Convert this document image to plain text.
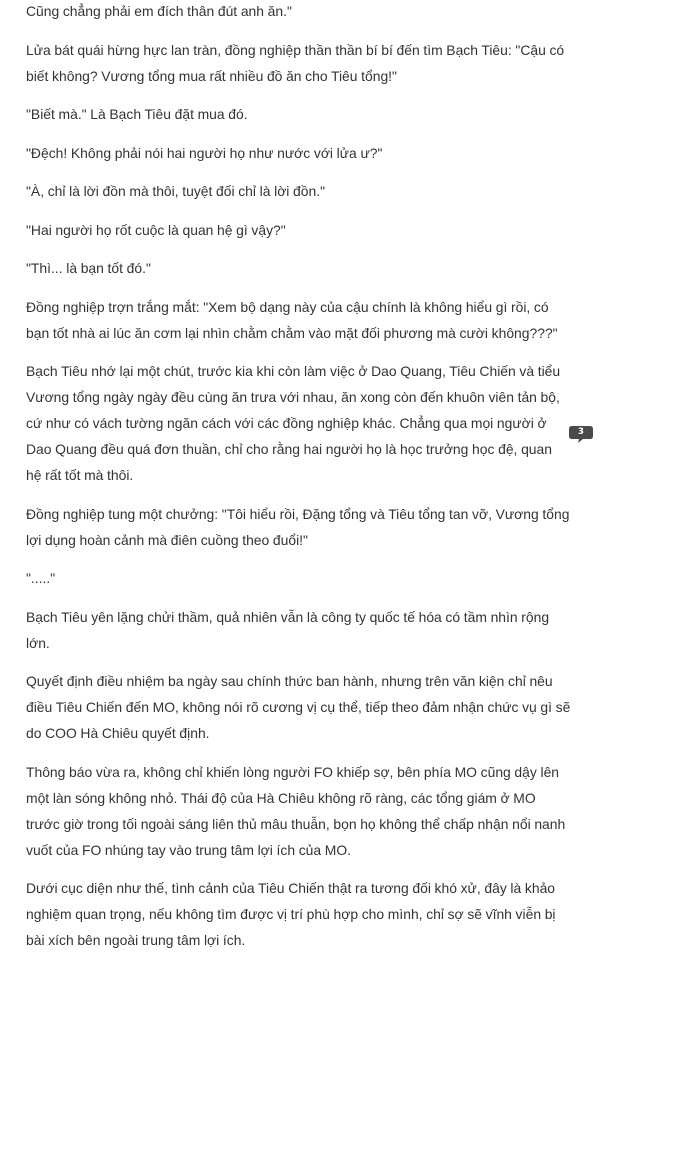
Cũng chẳng phải em đích thân đút anh ăn."

Lửa bát quái hừng hực lan tràn, đồng nghiệp thần thần bí bí đến tìm Bạch Tiêu: "Cậu có biết không? Vương tổng mua rất nhiều đồ ăn cho Tiêu tổng!"

"Biết mà." Là Bạch Tiêu đặt mua đó.

"Đệch! Không phải nói hai người họ như nước với lửa ư?"

"À, chỉ là lời đồn mà thôi, tuyệt đối chỉ là lời đồn."

"Hai người họ rốt cuộc là quan hệ gì vậy?"

"Thì... là bạn tốt đó."

Đồng nghiệp trợn trắng mắt: "Xem bộ dạng này của cậu chính là không hiểu gì rồi, có bạn tốt nhà ai lúc ăn cơm lại nhìn chằm chằm vào mặt đối phương mà cười không???"

Bạch Tiêu nhớ lại một chút, trước kia khi còn làm việc ở Dao Quang, Tiêu Chiến và tiểu Vương tổng ngày ngày đều cùng ăn trưa với nhau, ăn xong còn đến khuôn viên tản bộ, cứ như có vách tường ngăn cách với các đồng nghiệp khác. Chẳng qua mọi người ở Dao Quang đều quá đơn thuần, chỉ cho rằng hai người họ là học trưởng học đệ, quan hệ rất tốt mà thôi.

Đồng nghiệp tung một chưởng: "Tôi hiểu rồi, Đặng tổng và Tiêu tổng tan vỡ, Vương tổng lợi dụng hoàn cảnh mà điên cuồng theo đuổi!"

"....."

Bạch Tiêu yên lặng chửi thầm, quả nhiên vẫn là công ty quốc tế hóa có tầm nhìn rộng lớn.

Quyết định điều nhiệm ba ngày sau chính thức ban hành, nhưng trên văn kiện chỉ nêu điều Tiêu Chiến đến MO, không nói rõ cương vị cụ thể, tiếp theo đảm nhận chức vụ gì sẽ do COO Hà Chiêu quyết định.

Thông báo vừa ra, không chỉ khiến lòng người FO khiếp sợ, bên phía MO cũng dậy lên một làn sóng không nhỏ. Thái độ của Hà Chiêu không rõ ràng, các tổng giám ở MO trước giờ trong tối ngoài sáng liên thủ mâu thuẫn, bọn họ không thể chấp nhận nổi nanh vuốt của FO nhúng tay vào trung tâm lợi ích của MO.

Dưới cục diện như thế, tình cảnh của Tiêu Chiến thật ra tương đối khó xử, đây là khảo nghiệm quan trọng, nếu không tìm được vị trí phù hợp cho mình, chỉ sợ sẽ vĩnh viễn bị bài xích bên ngoài trung tâm lợi ích.

3
